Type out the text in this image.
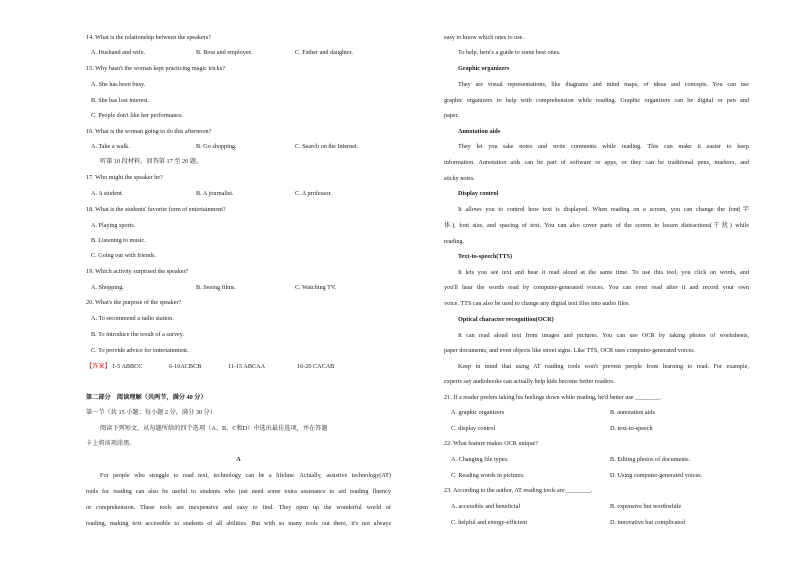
14. What is the relationship between the speakers?
A. Husband and wife.	B. Boss and employee.	C. Father and daughter.
15. Why hasn't the woman kept practicing magic tricks?
A. She has been busy.
B. She has lost interest.
C. People don't like her performance.
16. What is the woman going to do this afternoon?
A. Take a walk.	B. Go shopping.	C. Search on the Internet.
听第 10 段材料，回答第 17 至 20 题。
17. Who might the speaker be?
A. A student.	B. A journalist.	C. A professor.
18. What is the students' favorite form of entertainment?
A. Playing sports.
B. Listening to music.
C. Going out with friends.
19. Which activity surprised the speaker?
A. Shopping.	B. Seeing films.	C. Watching TV.
20. What's the purpose of the speaker?
A. To recommend a radio station.
B. To introduce the result of a survey.
C. To provide advice for entertainment.
【答案】 1-5 ABBCC	6-10ACBCB	11-15 ABCAA	16-20 CACAB
第二部分　阅读理解（共两节，满分 40 分）
第一节（共 15 小题；每小题 2 分，满分 30 分）
阅读下列短文，从每题所给的四个选项（A、B、C和D）中选出最佳选项，并在答题
卡上将该项涂黑。
A
For people who struggle to read text, technology can be a lifeline. Actually, assistive technology(AT)
tools for reading can also be useful to students who just need some extra assistance to aid reading fluency
or comprehension. These tools are inexpensive and easy to find. They open up the wonderful world of
reading, making text accessible to students of all abilities. But with so many tools out there, it's not always
easy to know which ones to use.
To help, here's a guide to some best ones.
Graphic organizers
They are visual representations, like diagrams and mind maps, of ideas and concepts. You can use
graphic organizers to help with comprehension while reading. Graphic organizers can be digital or pen and
paper.
Annotation aids
They let you take notes and write comments while reading. This can make it easier to keep
information. Annotation aids can be part of software or apps, or they can be traditional pens, markers, and
sticky notes.
Display control
It allows you to control how text is displayed. When reading on a screen, you can change the font(字
体), font size, and spacing of text. You can also cover parts of the screen to lessen distractions(干扰) while
reading.
Text-to-speech(TTS)
It lets you see text and hear it read aloud at the same time. To use this tool, you click on words, and
you'll hear the words read by computer-generated voices. You can even read after it and record your own
voice. TTS can also be used to change any digital text files into audio files.
Optical character recognition(OCR)
It can read aloud text from images and pictures. You can use OCR by taking photos of worksheets,
paper documents, and even objects like street signs. Like TTS, OCR uses computer-generated voices.
Keep in mind that using AT reading tools won't prevent people from learning to read. For example,
experts say audiobooks can actually help kids become better readers.
21. If a reader prefers taking his feelings down while reading, he'd better use ________.
A. graphic organizers	B. annotation aids
C. display control	D. text-to-speech
22. What feature makes OCR unique?
A. Changing file types.	B. Editing photos of documents.
C. Reading words in pictures.	D. Using computer-generated voices.
23. According to the author, AT reading tools are ________.
A. accessible and beneficial	B. expensive but worthwhile
C. helpful and energy-efficient	D. innovative but complicated
